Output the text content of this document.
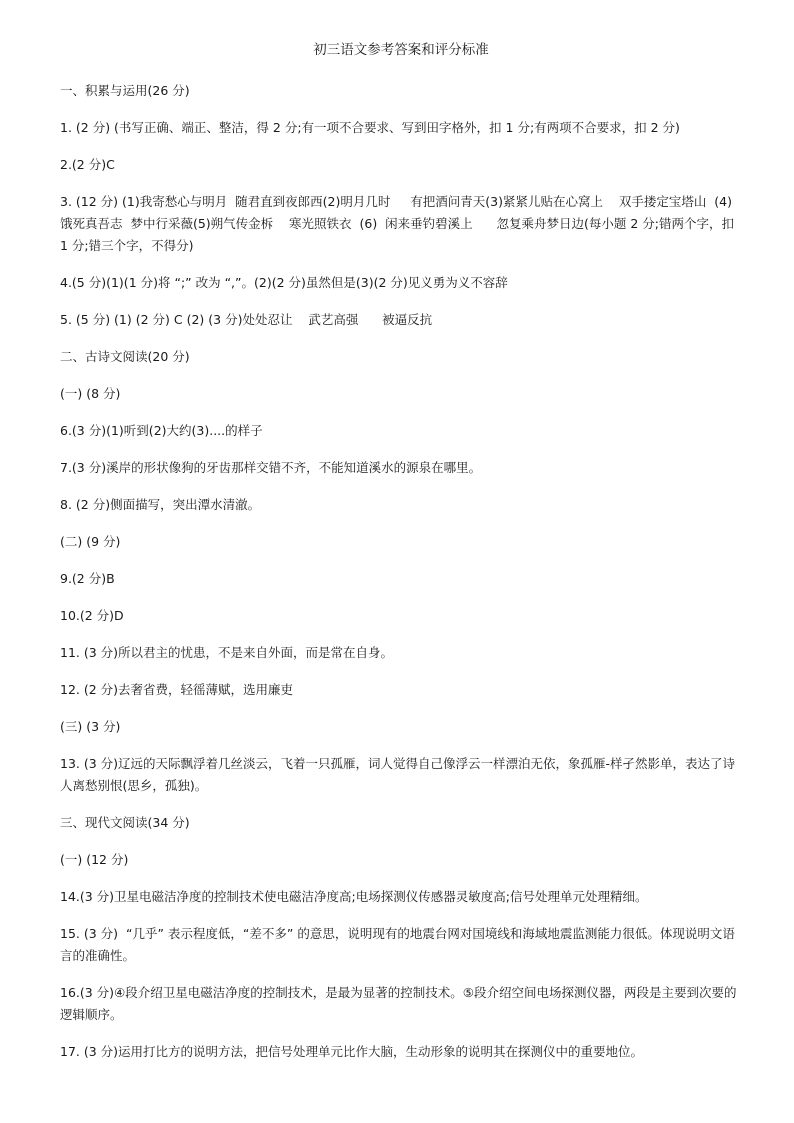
初三语文参考答案和评分标准
一、积累与运用(26 分)
1. (2 分) (书写正确、端正、整洁，得 2 分;有一项不合要求、写到田字格外，扣 1 分;有两项不合要求，扣 2 分)
2.(2 分)C
3. (12 分) (1)我寄愁心与明月  随君直到夜郎西(2)明月几时     有把酒问青天(3)紧紧儿贴在心窝上    双手搂定宝塔山  (4)饿死真吾志  梦中行采薇(5)朔气传金柝    寒光照铁衣  (6)  闲来垂钓碧溪上      忽复乘舟梦日边(每小题 2 分;错两个字，扣 1 分;错三个字，不得分)
4.(5 分)(1)(1 分)将 “;” 改为 “,”。(2)(2 分)虽然但是(3)(2 分)见义勇为义不容辞
5. (5 分) (1) (2 分) C (2) (3 分)处处忍让    武艺高强      被逼反抗
二、古诗文阅读(20 分)
(一) (8 分)
6.(3 分)(1)听到(2)大约(3)....的样子
7.(3 分)溪岸的形状像狗的牙齿那样交错不齐，不能知道溪水的源泉在哪里。
8. (2 分)侧面描写，突出潭水清澈。
(二) (9 分)
9.(2 分)B
10.(2 分)D
11. (3 分)所以君主的忧患，不是来自外面，而是常在自身。
12. (2 分)去奢省费，轻徭薄赋，选用廉吏
(三) (3 分)
13. (3 分)辽远的天际飘浮着几丝淡云，飞着一只孤雁，词人觉得自己像浮云一样漂泊无依，象孤雁-样孑然影单，表达了诗人离愁别恨(思乡，孤独)。
三、现代文阅读(34 分)
(一) (12 分)
14.(3 分)卫星电磁洁净度的控制技术使电磁洁净度高;电场探测仪传感器灵敏度高;信号处理单元处理精细。
15. (3 分)  “几乎” 表示程度低，“差不多” 的意思，说明现有的地震台网对国境线和海域地震监测能力很低。体现说明文语言的准确性。
16.(3 分)④段介绍卫星电磁洁净度的控制技术，是最为显著的控制技术。⑤段介绍空间电场探测仪器，两段是主要到次要的逻辑顺序。
17. (3 分)运用打比方的说明方法，把信号处理单元比作大脑，生动形象的说明其在探测仪中的重要地位。
